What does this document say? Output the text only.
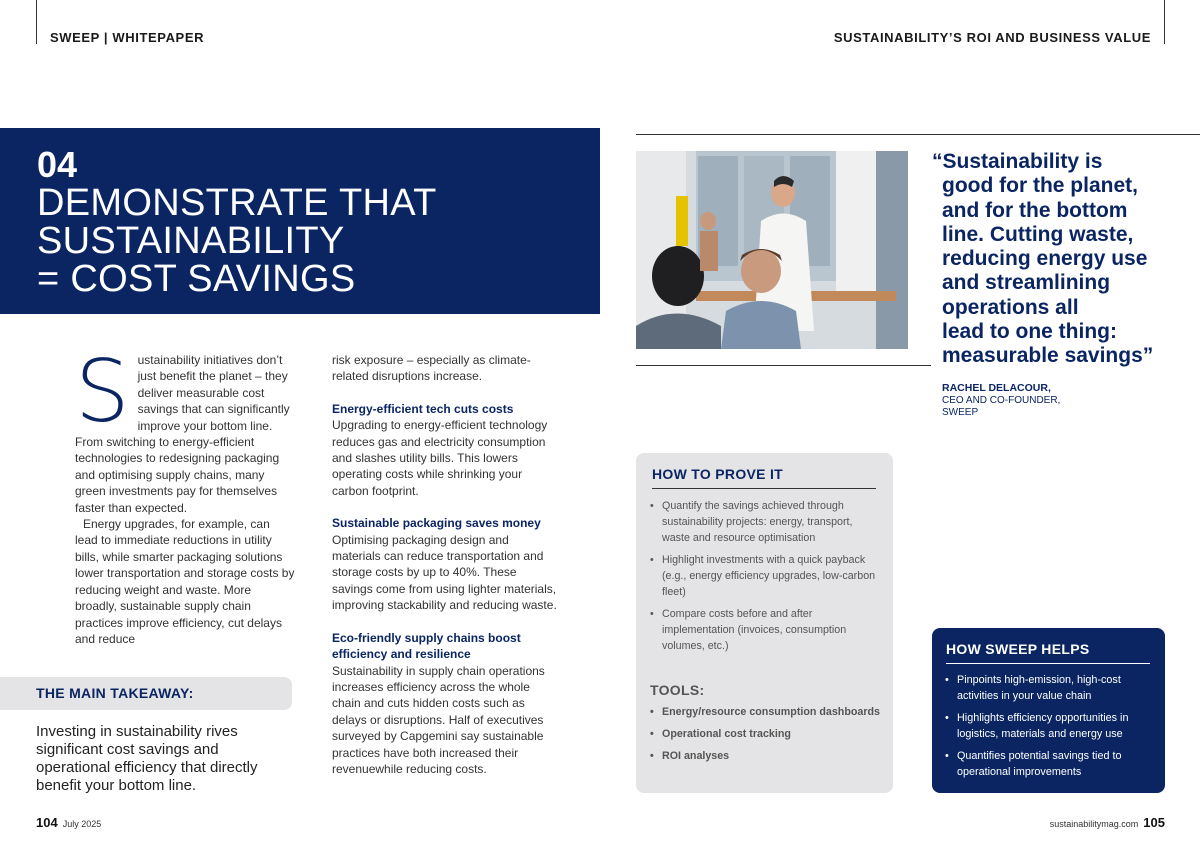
SWEEP | WHITEPAPER	SUSTAINABILITY’S ROI AND BUSINESS VALUE
04
DEMONSTRATE THAT
SUSTAINABILITY
= COST SAVINGS
S ustainability initiatives don’t
just benefit the planet – they
deliver measurable cost
savings that can significantly
improve your bottom line.
From switching to energy-efficient technologies to redesigning packaging and optimising supply chains, many green investments pay for themselves faster than expected.
Energy upgrades, for example, can lead to immediate reductions in utility bills, while smarter packaging solutions lower transportation and storage costs by reducing weight and waste. More broadly, sustainable supply chain practices improve efficiency, cut delays and reduce
risk exposure – especially as climate-related disruptions increase.
Energy-efficient tech cuts costs
Upgrading to energy-efficient technology reduces gas and electricity consumption and slashes utility bills. This lowers operating costs while shrinking your carbon footprint.
Sustainable packaging saves money
Optimising packaging design and materials can reduce transportation and storage costs by up to 40%. These savings come from using lighter materials, improving stackability and reducing waste.
Eco-friendly supply chains boost efficiency and resilience
Sustainability in supply chain operations increases efficiency across the whole chain and cuts hidden costs such as delays or disruptions. Half of executives surveyed by Capgemini say sustainable practices have both increased their revenuewhile reducing costs.
THE MAIN TAKEAWAY:
Investing in sustainability rives significant cost savings and operational efficiency that directly benefit your bottom line.
“Sustainability is
good for the planet,
and for the bottom
line. Cutting waste,
reducing energy use
and streamlining
operations all
lead to one thing:
measurable savings”
RACHEL DELACOUR,
CEO AND CO-FOUNDER,
SWEEP
HOW TO PROVE IT
• Quantify the savings achieved through sustainability projects: energy, transport, waste and resource optimisation
• Highlight investments with a quick payback (e.g., energy efficiency upgrades, low-carbon fleet)
• Compare costs before and after implementation (invoices, consumption volumes, etc.)
TOOLS:
• Energy/resource consumption dashboards
• Operational cost tracking
• ROI analyses
HOW SWEEP HELPS
• Pinpoints high-emission, high-cost activities in your value chain
• Highlights efficiency opportunities in logistics, materials and energy use
• Quantifies potential savings tied to operational improvements
104 July 2025	sustainabilitymag.com 105
